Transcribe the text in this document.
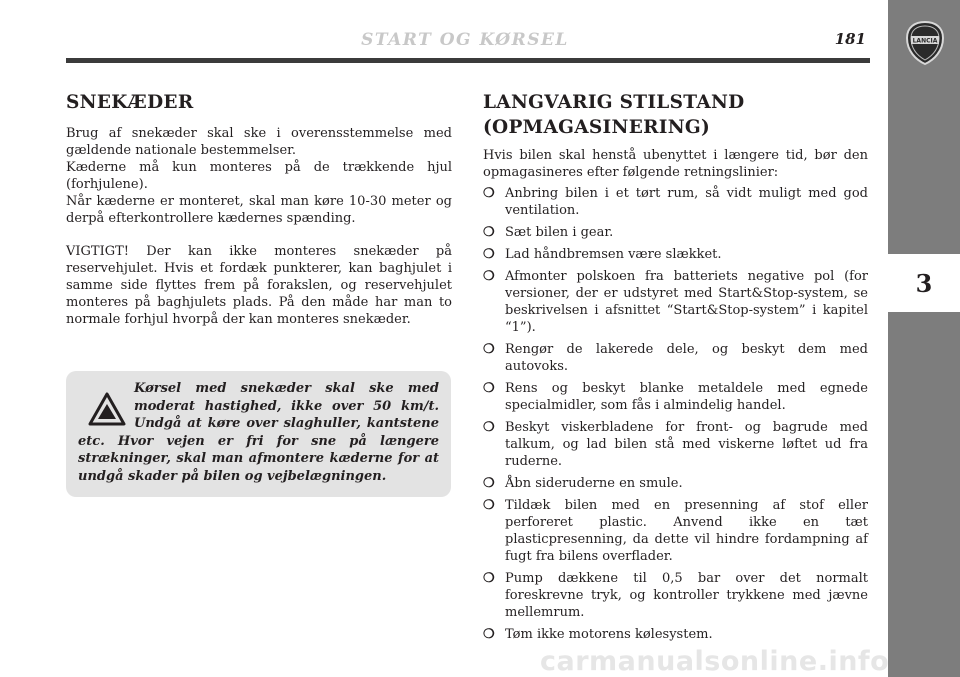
START OG KØRSEL	181	LANCIA
3
SNEKÆDER

Brug af snekæder skal ske i overensstemmelse med gældende nationale bestemmelser.

Kæderne må kun monteres på de trækkende hjul (forhjulene).

Når kæderne er monteret, skal man køre 10-30 meter og derpå efterkontrollere kædernes spænding.

VIGTIGT! Der kan ikke monteres snekæder på reservehjulet. Hvis et fordæk punkterer, kan baghjulet i samme side flyttes frem på forakslen, og reservehjulet monteres på baghjulets plads. På den måde har man to normale forhjul hvorpå der kan monteres snekæder.

Kørsel med snekæder skal ske med moderat hastighed, ikke over 50 km/t. Undgå at køre over slaghuller, kantstene etc. Hvor vejen er fri for sne på længere strækninger, skal man afmontere kæderne for at undgå skader på bilen og vejbelægningen.

LANGVARIG STILSTAND
(OPMAGASINERING)

Hvis bilen skal henstå ubenyttet i længere tid, bør den opmagasineres efter følgende retningslinier:

❍ Anbring bilen i et tørt rum, så vidt muligt med god ventilation.
❍ Sæt bilen i gear.
❍ Lad håndbremsen være slækket.
❍ Afmonter polskoen fra batteriets negative pol (for versioner, der er udstyret med Start&Stop-system, se beskrivelsen i afsnittet “Start&Stop-system” i kapitel “1”).
❍ Rengør de lakerede dele, og beskyt dem med autovoks.
❍ Rens og beskyt blanke metaldele med egnede specialmidler, som fås i almindelig handel.
❍ Beskyt viskerbladene for front- og bagrude med talkum, og lad bilen stå med viskerne løftet ud fra ruderne.
❍ Åbn sideruderne en smule.
❍ Tildæk bilen med en presenning af stof eller perforeret plastic. Anvend ikke en tæt plasticpresenning, da dette vil hindre fordampning af fugt fra bilens overflader.
❍ Pump dækkene til 0,5 bar over det normalt foreskrevne tryk, og kontroller trykkene med jævne mellemrum.
❍ Tøm ikke motorens kølesystem.
carmanualsonline.info
